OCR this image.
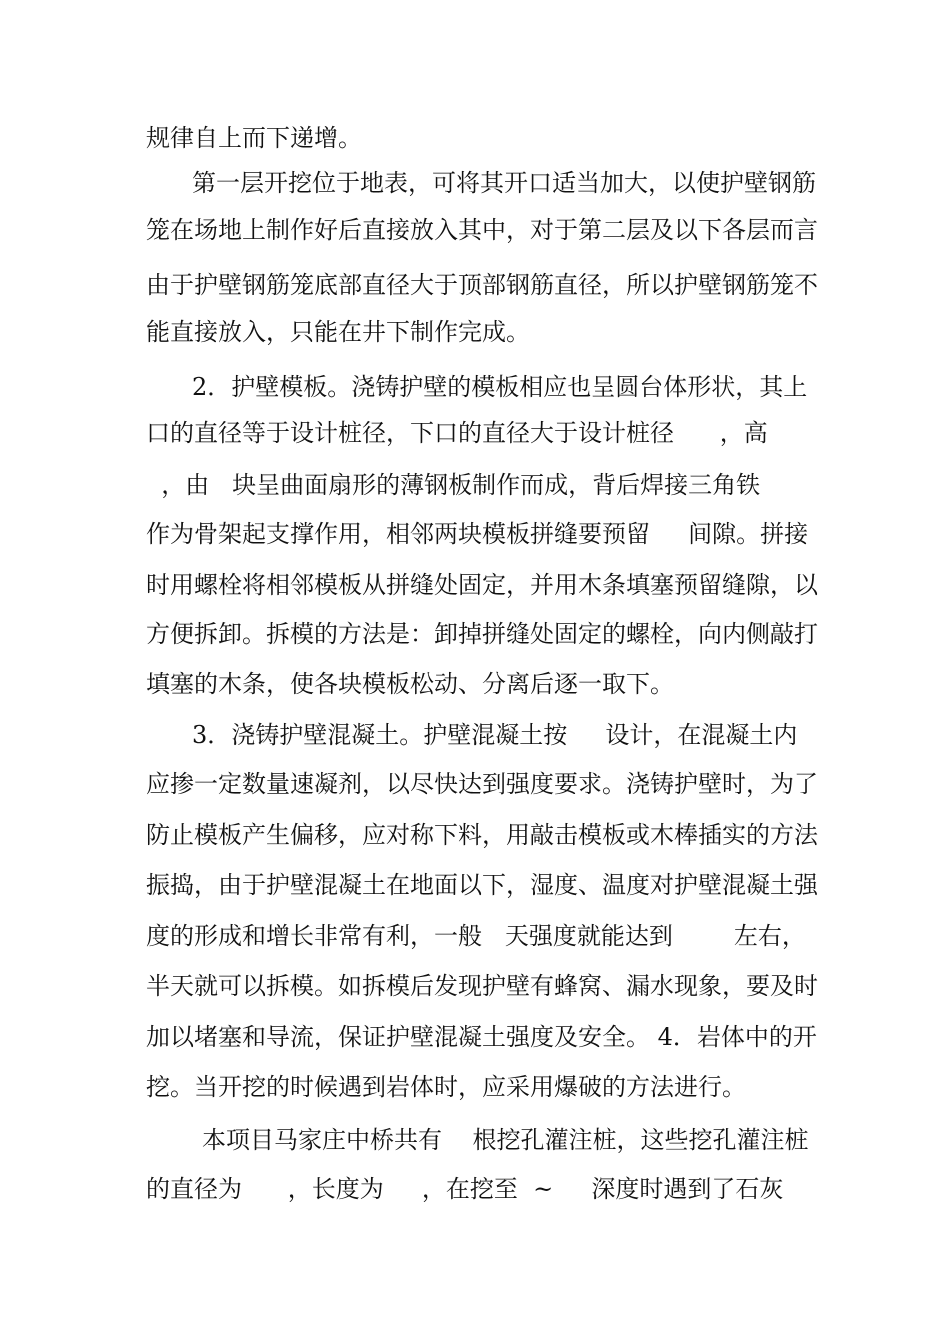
规律自上而下递增。
第一层开挖位于地表，可将其开口适当加大，以使护壁钢筋
笼在场地上制作好后直接放入其中，对于第二层及以下各层而言
由于护壁钢筋笼底部直径大于顶部钢筋直径，所以护壁钢筋笼不
能直接放入，只能在井下制作完成。
2．护壁模板。浇铸护壁的模板相应也呈圆台体形状，其上
口的直径等于设计桩径，下口的直径大于设计桩径      ，高
，由   块呈曲面扇形的薄钢板制作而成，背后焊接三角铁
作为骨架起支撑作用，相邻两块模板拼缝要预留     间隙。拼接
时用螺栓将相邻模板从拼缝处固定，并用木条填塞预留缝隙，以
方便拆卸。拆模的方法是：卸掉拼缝处固定的螺栓，向内侧敲打
填塞的木条，使各块模板松动、分离后逐一取下。
3．浇铸护壁混凝土。护壁混凝土按     设计，在混凝土内
应掺一定数量速凝剂，以尽快达到强度要求。浇铸护壁时，为了
防止模板产生偏移，应对称下料，用敲击模板或木棒插实的方法
振捣，由于护壁混凝土在地面以下，湿度、温度对护壁混凝土强
度的形成和增长非常有利，一般   天强度就能达到        左右，
半天就可以拆模。如拆模后发现护壁有蜂窝、漏水现象，要及时
加以堵塞和导流，保证护壁混凝土强度及安全。 4．岩体中的开
挖。当开挖的时候遇到岩体时，应采用爆破的方法进行。
本项目马家庄中桥共有    根挖孔灌注桩，这些挖孔灌注桩
的直径为      ，长度为     ，在挖至  ~     深度时遇到了石灰
